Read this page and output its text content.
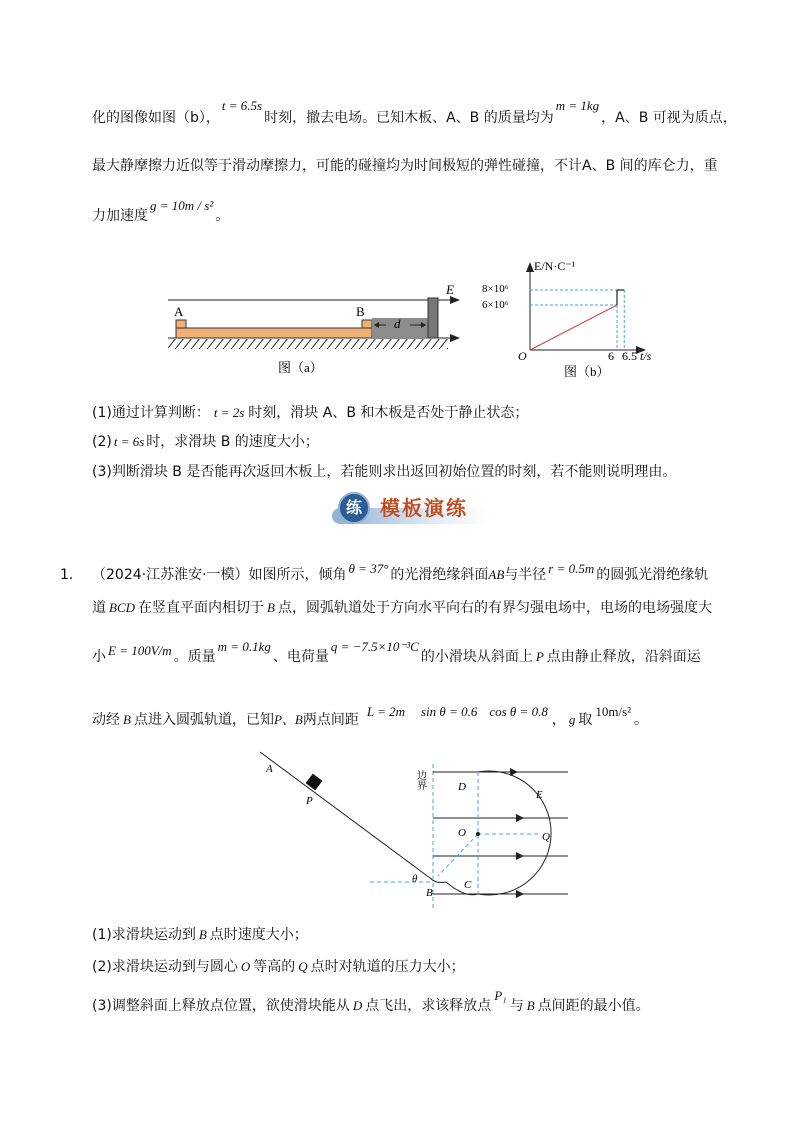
化的图像如图（b），t = 6.5s时刻，撤去电场。已知木板、A、B 的质量均为m = 1kg，A、B 可视为质点，
最大静摩擦力近似等于滑动摩擦力，可能的碰撞均为时间极短的弹性碰撞，不计A、B 间的库仑力，重
力加速度g = 10m / s²。
A	B
d
E
图（a）
E/N·C⁻¹
8×10⁶
6×10⁶
O	6 6.5 t/s
图（b）
(1)通过计算判断： t = 2s 时刻，滑块 A、B 和木板是否处于静止状态；
(2) t = 6s 时，求滑块 B 的速度大小；
(3)判断滑块 B 是否能再次返回木板上，若能则求出返回初始位置的时刻，若不能则说明理由。
练 模板演练
1． （2024·江苏淮安·一模）如图所示，倾角 θ = 37° 的光滑绝缘斜面AB与半径 r = 0.5m 的圆弧光滑绝缘轨
道 BCD 在竖直平面内相切于 B 点，圆弧轨道处于方向水平向右的有界匀强电场中，电场的电场强度大
小 E = 100V/m 。质量m = 0.1kg、电荷量q = −7.5×10⁻³C的小滑块从斜面上 P 点由静止释放，沿斜面运
动经 B 点进入圆弧轨道，已知P、B两点间距L = 2m sin θ = 0.6 cos θ = 0.8， g 取10m/s²。
A
P
边界	D
E
O	Q
C
θ
B
(1)求滑块运动到 B 点时速度大小；
(2)求滑块运动到与圆心 O 等高的 Q 点时对轨道的压力大小；
(3)调整斜面上释放点位置，欲使滑块能从 D 点飞出，求该释放点P₁与 B 点间距的最小值。
